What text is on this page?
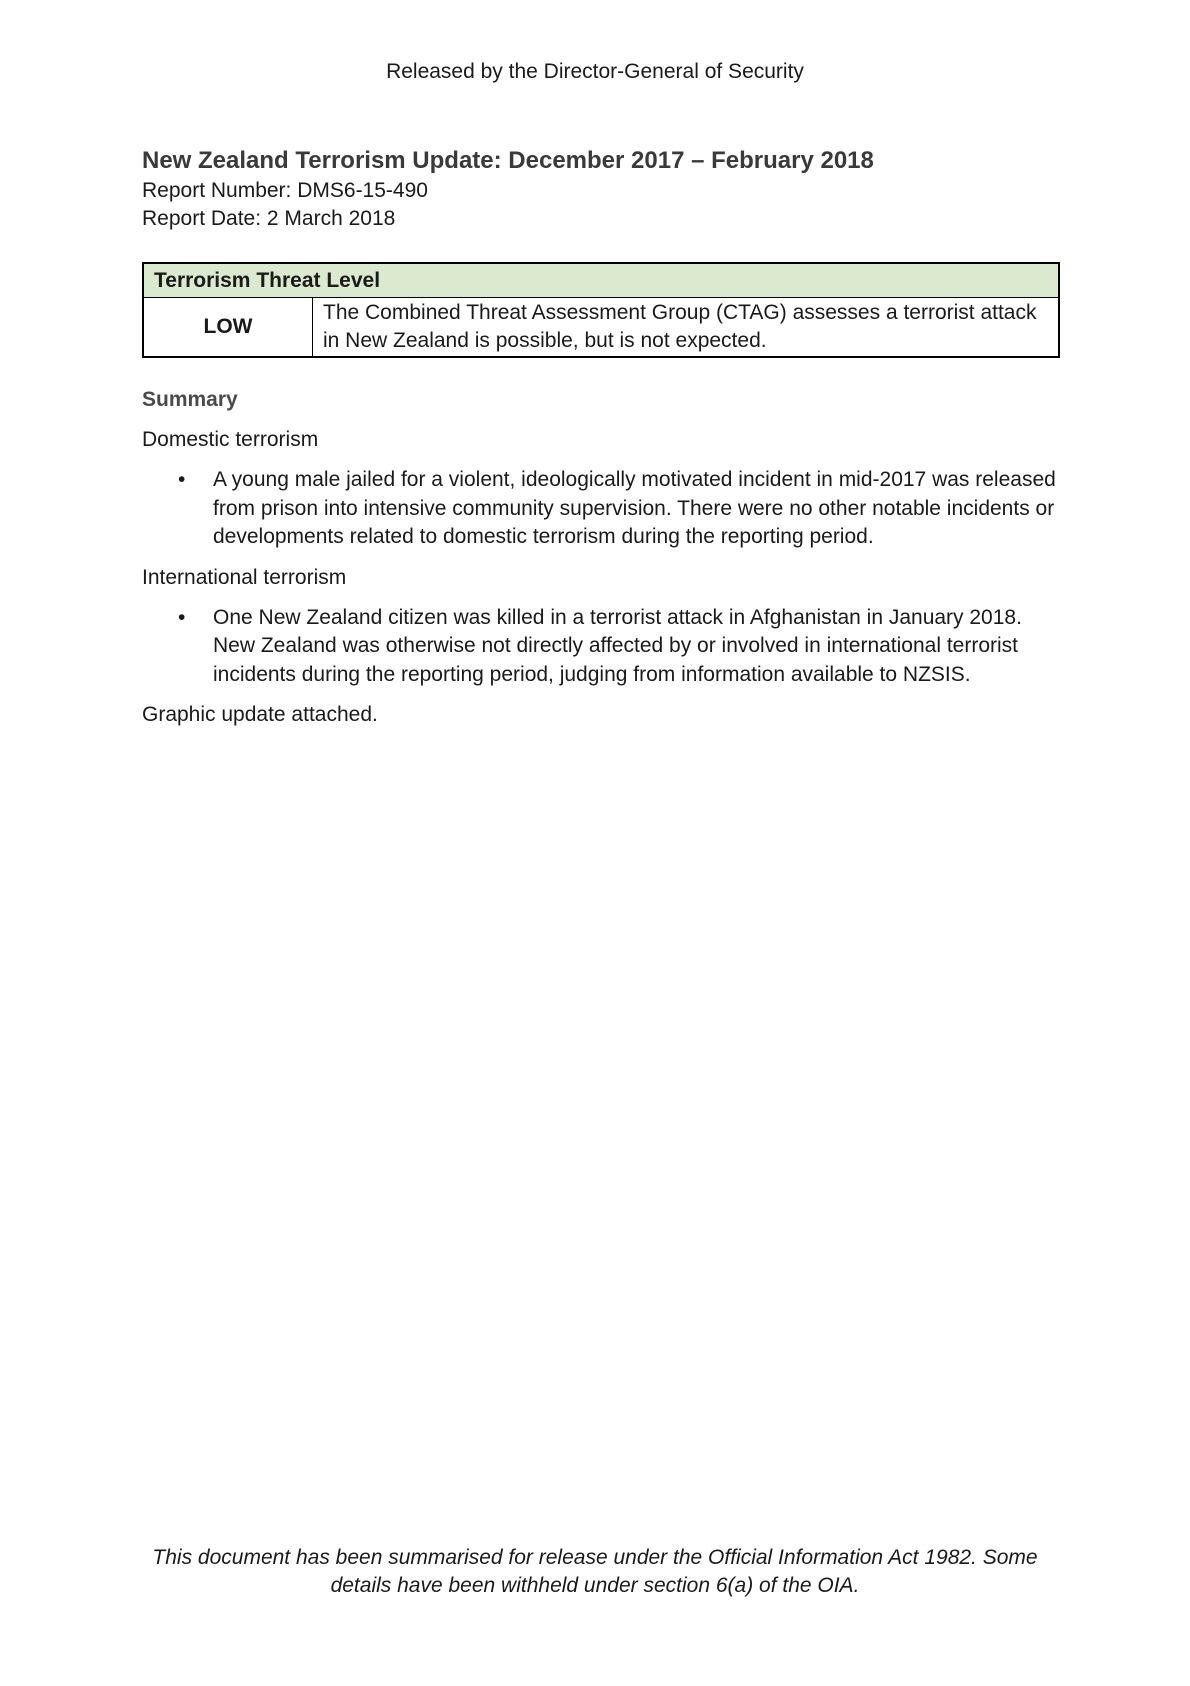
Released by the Director-General of Security
New Zealand Terrorism Update: December 2017 – February 2018

Report Number: DMS6-15-490

Report Date: 2 March 2018

Terrorism Threat Level
LOW	The Combined Threat Assessment Group (CTAG) assesses a terrorist attack in New Zealand is possible, but is not expected.
Summary

Domestic terrorism

• A young male jailed for a violent, ideologically motivated incident in mid-2017 was released from prison into intensive community supervision. There were no other notable incidents or developments related to domestic terrorism during the reporting period.

International terrorism

• One New Zealand citizen was killed in a terrorist attack in Afghanistan in January 2018. New Zealand was otherwise not directly affected by or involved in international terrorist incidents during the reporting period, judging from information available to NZSIS.

Graphic update attached.

This document has been summarised for release under the Official Information Act 1982. Some details have been withheld under section 6(a) of the OIA.
